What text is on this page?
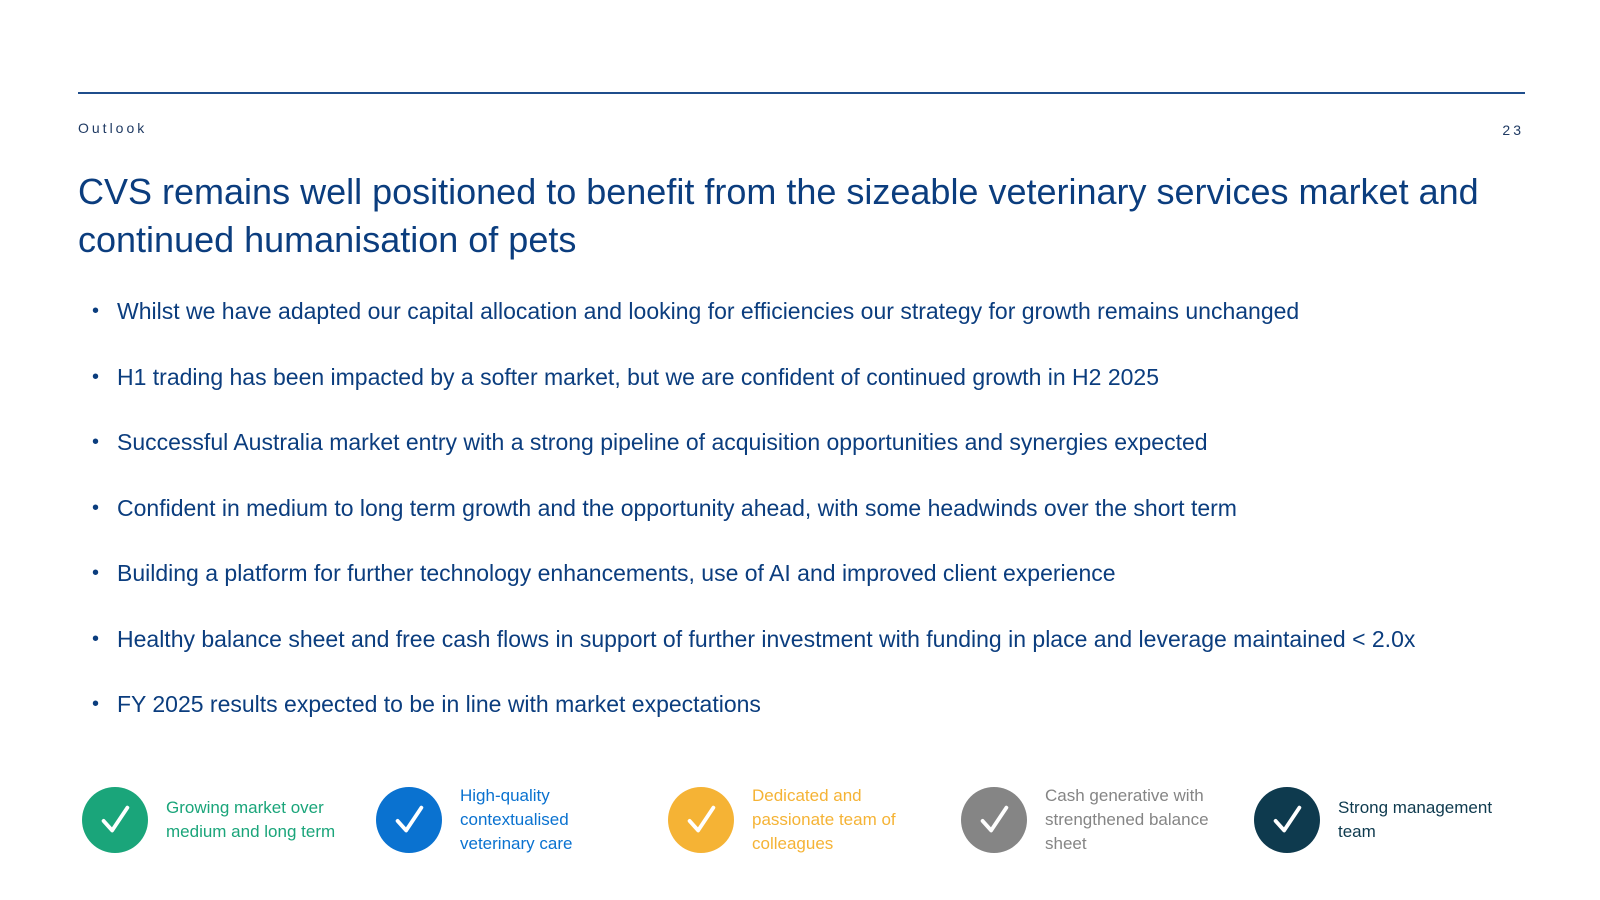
Outlook	23
CVS remains well positioned to benefit from the sizeable veterinary services market and continued humanisation of pets
• Whilst we have adapted our capital allocation and looking for efficiencies our strategy for growth remains unchanged
• H1 trading has been impacted by a softer market, but we are confident of continued growth in H2 2025
• Successful Australia market entry with a strong pipeline of acquisition opportunities and synergies expected
• Confident in medium to long term growth and the opportunity ahead, with some headwinds over the short term
• Building a platform for further technology enhancements, use of AI and improved client experience
• Healthy balance sheet and free cash flows in support of further investment with funding in place and leverage maintained < 2.0x
• FY 2025 results expected to be in line with market expectations
Growing market over medium and long term
High-quality contextualised veterinary care
Dedicated and passionate team of colleagues
Cash generative with strengthened balance sheet
Strong management team
